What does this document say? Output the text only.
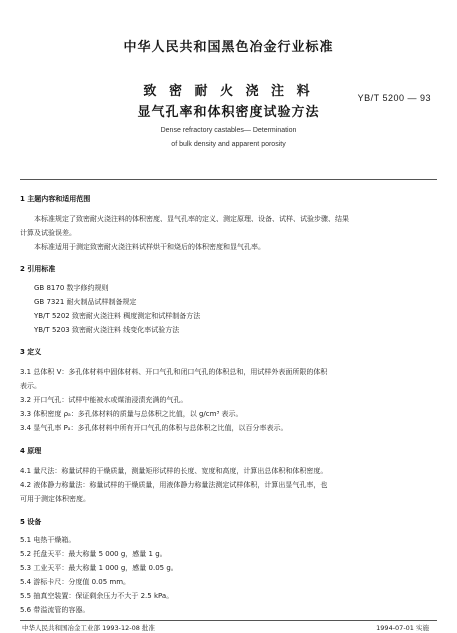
中华人民共和国黑色冶金行业标准
YB/T 5200 — 93
致 密 耐 火 浇 注 料
显气孔率和体积密度试验方法
Dense refractory castables— Determination
of bulk density and apparent porosity
1 主题内容和适用范围
本标准规定了致密耐火浇注料的体积密度、显气孔率的定义、测定原理、设备、试样、试验步骤、结果
计算及试验误差。
本标准适用于测定致密耐火浇注料试样烘干和烧后的体积密度和显气孔率。
2 引用标准
GB 8170 数字修约规则
GB 7321 耐火制品试样制备规定
YB/T 5202 致密耐火浇注料 稠度测定和试样制备方法
YB/T 5203 致密耐火浇注料 线变化率试验方法
3 定义
3.1 总体积 V：多孔体材料中固体材料、开口气孔和闭口气孔的体积总和，用试样外表面所限的体积
表示。
3.2 开口气孔：试样中能被水或煤油浸渍充满的气孔。
3.3 体积密度 ρₐ：多孔体材料的质量与总体积之比值，以 g/cm³ 表示。
3.4 显气孔率 Pₐ：多孔体材料中所有开口气孔的体积与总体积之比值，以百分率表示。
4 原理
4.1 量尺法：称量试样的干燥质量，测量矩形试样的长度、宽度和高度，计算出总体积和体积密度。
4.2 液体静力称量法：称量试样的干燥质量，用液体静力称量法测定试样体积，计算出显气孔率，也
可用于测定体积密度。
5 设备
5.1 电热干燥箱。
5.2 托盘天平：最大称量 5 000 g，感量 1 g。
5.3 工业天平：最大称量 1 000 g，感量 0.05 g。
5.4 游标卡尺：分度值 0.05 mm。
5.5 抽真空装置：保证剩余压力不大于 2.5 kPa。
5.6 带溢流管的容器。
中华人民共和国冶金工业部 1993-12-08 批准	1994-07-01 实施
